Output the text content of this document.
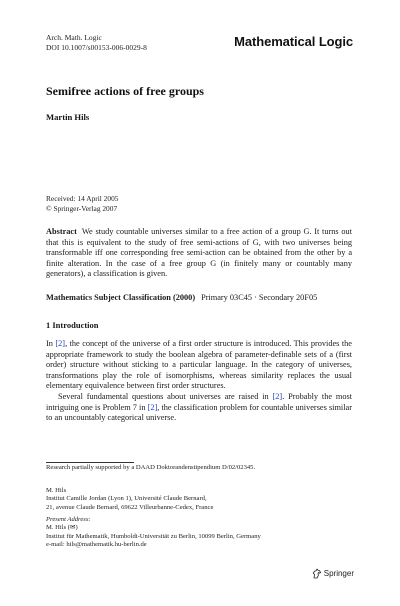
Arch. Math. Logic
DOI 10.1007/s00153-006-0029-8	Mathematical Logic
Semifree actions of free groups
Martin Hils
Received: 14 April 2005
© Springer-Verlag 2007
Abstract We study countable universes similar to a free action of a group G. It turns out that this is equivalent to the study of free semi-actions of G, with two universes being transformable iff one corresponding free semi-action can be obtained from the other by a finite alteration. In the case of a free group G (in finitely many or countably many generators), a classification is given.
Mathematics Subject Classification (2000) Primary 03C45 · Secondary 20F05
1 Introduction

In [2], the concept of the universe of a first order structure is introduced. This provides the appropriate framework to study the boolean algebra of parameter-definable sets of a (first order) structure without sticking to a particular language. In the category of universes, transformations play the role of isomorphisms, whereas similarity replaces the usual elementary equivalence between first order structures.

Several fundamental questions about universes are raised in [2]. Probably the most intriguing one is Problem 7 in [2], the classification problem for countable universes similar to an uncountably categorical universe.

Research partially supported by a DAAD Doktorandenstipendium D/02/02345.
M. Hils
Institut Camille Jordan (Lyon 1), Université Claude Bernard,
21, avenue Claude Bernard, 69622 Villeurbanne-Cedex, France
Present Address:
M. Hils (✉)
Institut für Mathematik, Humboldt-Universität zu Berlin, 10099 Berlin, Germany
e-mail: hils@mathematik.hu-berlin.de
Springer
